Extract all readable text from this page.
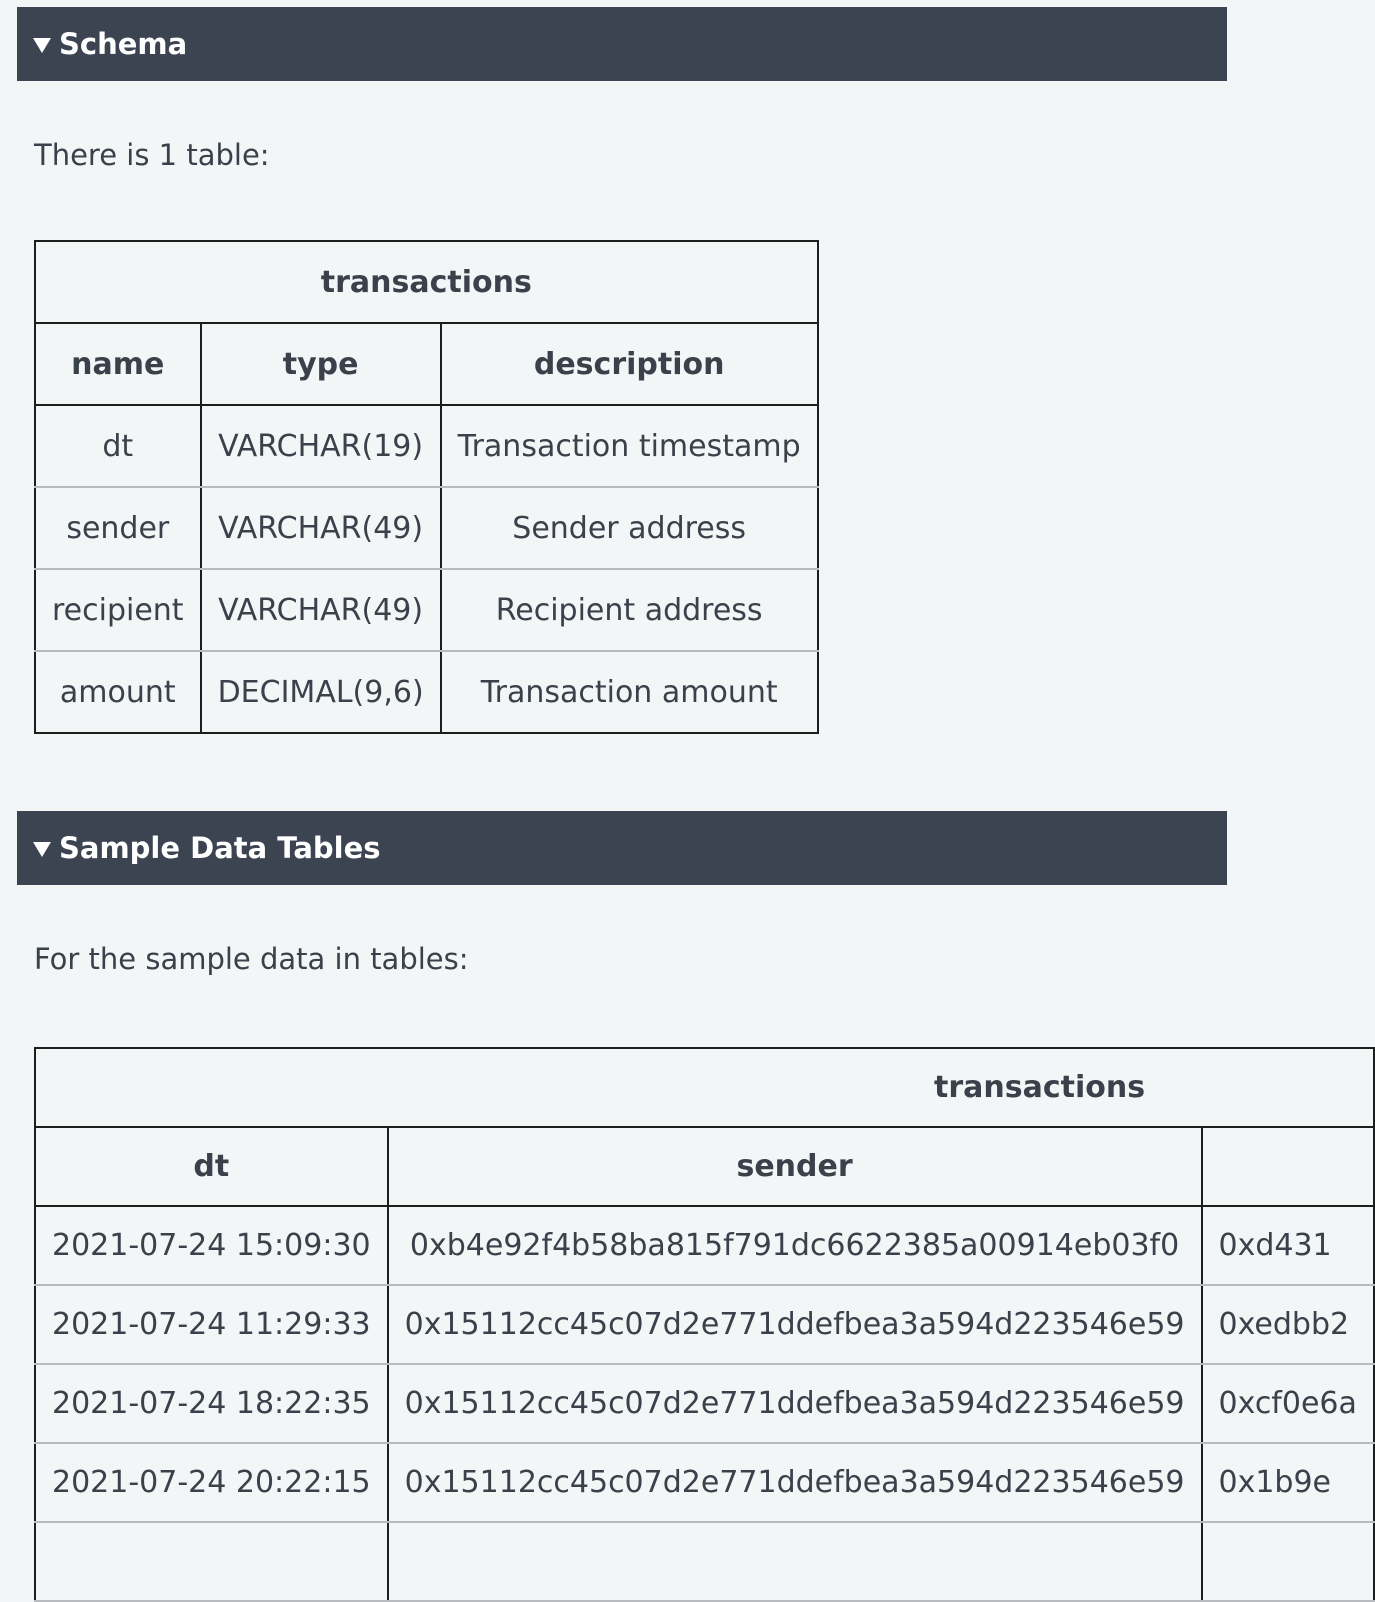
Schema
There is 1 table:
transactions		
name	type	description
dt	VARCHAR(19)	Transaction timestamp
sender	VARCHAR(49)	Sender address
recipient	VARCHAR(49)	Recipient address
amount	DECIMAL(9,6)	Transaction amount
Sample Data Tables
For the sample data in tables:
transactions		
dt	sender	
2021-07-24 15:09:30	0xb4e92f4b58ba815f791dc6622385a00914eb03f0	0xd431
2021-07-24 11:29:33	0x15112cc45c07d2e771ddefbea3a594d223546e59	0xedbb2
2021-07-24 18:22:35	0x15112cc45c07d2e771ddefbea3a594d223546e59	0xcf0e6a
2021-07-24 20:22:15	0x15112cc45c07d2e771ddefbea3a594d223546e59	0x1b9e
